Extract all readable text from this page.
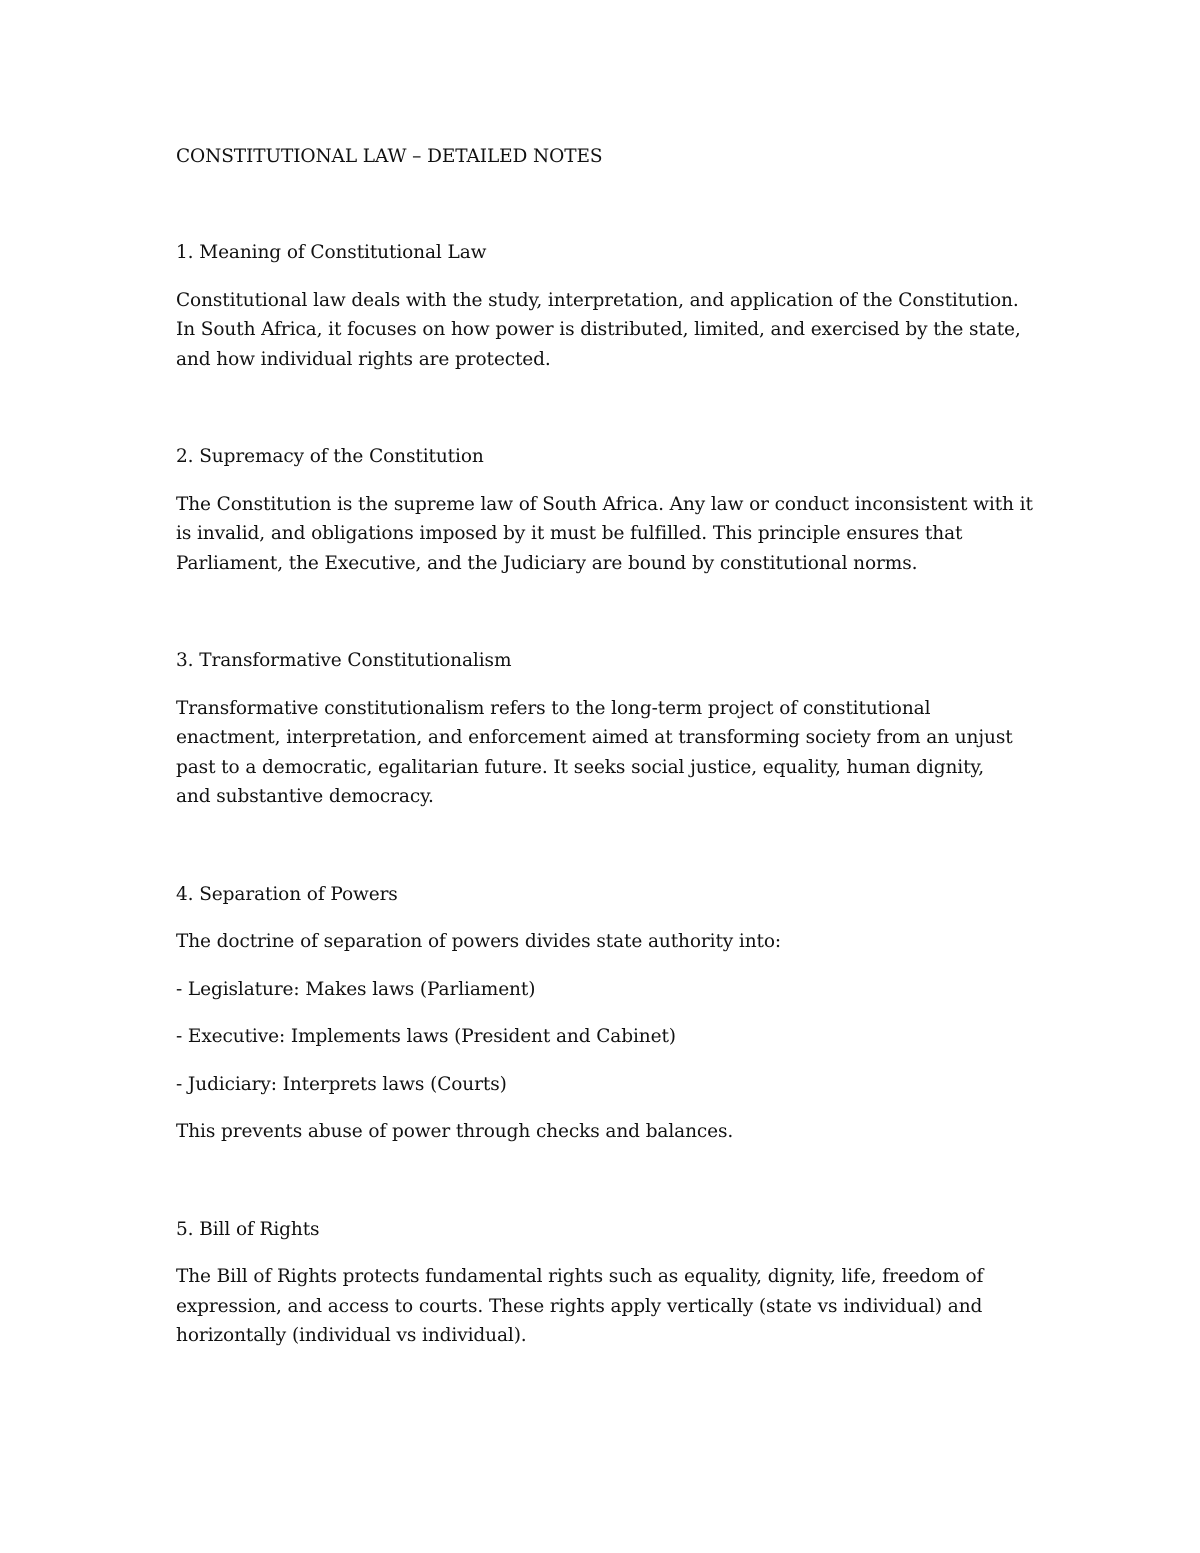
CONSTITUTIONAL LAW – DETAILED NOTES
1. Meaning of Constitutional Law

Constitutional law deals with the study, interpretation, and application of the Constitution. In South Africa, it focuses on how power is distributed, limited, and exercised by the state, and how individual rights are protected.

2. Supremacy of the Constitution

The Constitution is the supreme law of South Africa. Any law or conduct inconsistent with it is invalid, and obligations imposed by it must be fulfilled. This principle ensures that Parliament, the Executive, and the Judiciary are bound by constitutional norms.

3. Transformative Constitutionalism

Transformative constitutionalism refers to the long-term project of constitutional enactment, interpretation, and enforcement aimed at transforming society from an unjust past to a democratic, egalitarian future. It seeks social justice, equality, human dignity, and substantive democracy.

4. Separation of Powers

The doctrine of separation of powers divides state authority into:

- Legislature: Makes laws (Parliament)

- Executive: Implements laws (President and Cabinet)

- Judiciary: Interprets laws (Courts)

This prevents abuse of power through checks and balances.

5. Bill of Rights

The Bill of Rights protects fundamental rights such as equality, dignity, life, freedom of expression, and access to courts. These rights apply vertically (state vs individual) and horizontally (individual vs individual).
